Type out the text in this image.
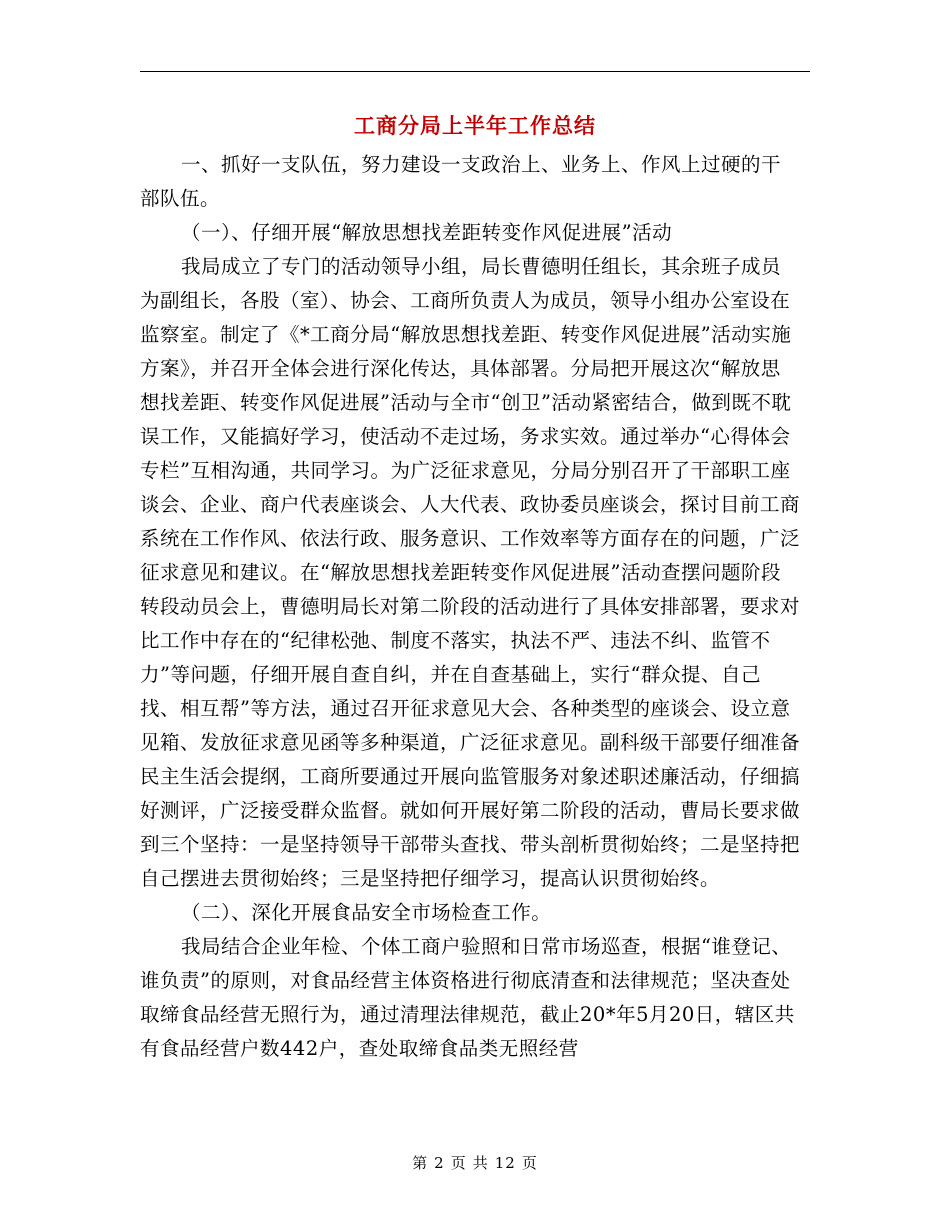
工商分局上半年工作总结

一、抓好一支队伍，努力建设一支政治上、业务上、作风上过硬的干部队伍。

（一）、仔细开展“解放思想找差距转变作风促进展”活动

我局成立了专门的活动领导小组，局长曹德明任组长，其余班子成员为副组长，各股（室）、协会、工商所负责人为成员，领导小组办公室设在监察室。制定了《*工商分局“解放思想找差距、转变作风促进展”活动实施方案》，并召开全体会进行深化传达，具体部署。分局把开展这次“解放思想找差距、转变作风促进展”活动与全市“创卫”活动紧密结合，做到既不耽误工作，又能搞好学习，使活动不走过场，务求实效。通过举办“心得体会专栏”互相沟通，共同学习。为广泛征求意见，分局分别召开了干部职工座谈会、企业、商户代表座谈会、人大代表、政协委员座谈会，探讨目前工商系统在工作作风、依法行政、服务意识、工作效率等方面存在的问题，广泛征求意见和建议。在“解放思想找差距转变作风促进展”活动查摆问题阶段转段动员会上，曹德明局长对第二阶段的活动进行了具体安排部署，要求对比工作中存在的“纪律松弛、制度不落实，执法不严、违法不纠、监管不力”等问题，仔细开展自查自纠，并在自查基础上，实行“群众提、自己找、相互帮”等方法，通过召开征求意见大会、各种类型的座谈会、设立意见箱、发放征求意见函等多种渠道，广泛征求意见。副科级干部要仔细准备民主生活会提纲，工商所要通过开展向监管服务对象述职述廉活动，仔细搞好测评，广泛接受群众监督。就如何开展好第二阶段的活动，曹局长要求做到三个坚持：一是坚持领导干部带头查找、带头剖析贯彻始终；二是坚持把自己摆进去贯彻始终；三是坚持把仔细学习，提高认识贯彻始终。

（二）、深化开展食品安全市场检查工作。

我局结合企业年检、个体工商户验照和日常市场巡查，根据“谁登记、谁负责”的原则，对食品经营主体资格进行彻底清查和法律规范；坚决查处取缔食品经营无照行为，通过清理法律规范，截止20*年5月20日，辖区共有食品经营户数442户，查处取缔食品类无照经营

第 2 页 共 12 页
